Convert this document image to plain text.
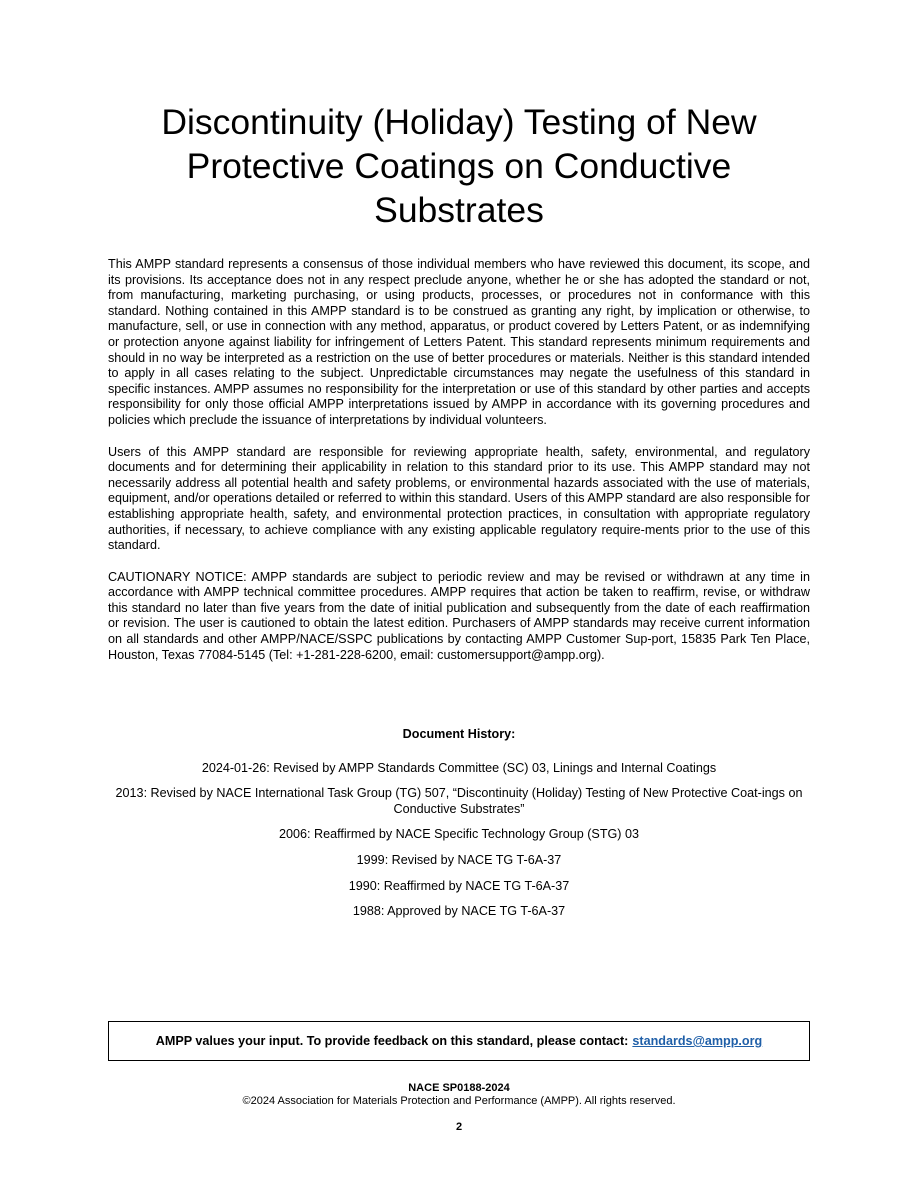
Discontinuity (Holiday) Testing of New Protective Coatings on Conductive Substrates

This AMPP standard represents a consensus of those individual members who have reviewed this document, its scope, and its provisions. Its acceptance does not in any respect preclude anyone, whether he or she has adopted the standard or not, from manufacturing, marketing purchasing, or using products, processes, or procedures not in conformance with this standard. Nothing contained in this AMPP standard is to be construed as granting any right, by implication or otherwise, to manufacture, sell, or use in connection with any method, apparatus, or product covered by Letters Patent, or as indemnifying or protection anyone against liability for infringement of Letters Patent. This standard represents minimum requirements and should in no way be interpreted as a restriction on the use of better procedures or materials. Neither is this standard intended to apply in all cases relating to the subject. Unpredictable circumstances may negate the usefulness of this standard in specific instances. AMPP assumes no responsibility for the interpretation or use of this standard by other parties and accepts responsibility for only those official AMPP interpretations issued by AMPP in accordance with its governing procedures and policies which preclude the issuance of interpretations by individual volunteers.

Users of this AMPP standard are responsible for reviewing appropriate health, safety, environmental, and regulatory documents and for determining their applicability in relation to this standard prior to its use. This AMPP standard may not necessarily address all potential health and safety problems, or environmental hazards associated with the use of materials, equipment, and/or operations detailed or referred to within this standard. Users of this AMPP standard are also responsible for establishing appropriate health, safety, and environmental protection practices, in consultation with appropriate regulatory authorities, if necessary, to achieve compliance with any existing applicable regulatory require-ments prior to the use of this standard.

CAUTIONARY NOTICE: AMPP standards are subject to periodic review and may be revised or withdrawn at any time in accordance with AMPP technical committee procedures. AMPP requires that action be taken to reaffirm, revise, or withdraw this standard no later than five years from the date of initial publication and subsequently from the date of each reaffirmation or revision. The user is cautioned to obtain the latest edition. Purchasers of AMPP standards may receive current information on all standards and other AMPP/NACE/SSPC publications by contacting AMPP Customer Sup-port, 15835 Park Ten Place, Houston, Texas 77084-5145 (Tel: +1-281-228-6200, email: customersupport@ampp.org).

Document History:
2024-01-26: Revised by AMPP Standards Committee (SC) 03, Linings and Internal Coatings
2013: Revised by NACE International Task Group (TG) 507, “Discontinuity (Holiday) Testing of New Protective Coat-ings on Conductive Substrates”
2006: Reaffirmed by NACE Specific Technology Group (STG) 03
1999: Revised by NACE TG T-6A-37
1990: Reaffirmed by NACE TG T-6A-37
1988: Approved by NACE TG T-6A-37
AMPP values your input. To provide feedback on this standard, please contact: standards@ampp.org
NACE SP0188-2024
©2024 Association for Materials Protection and Performance (AMPP). All rights reserved.
2
